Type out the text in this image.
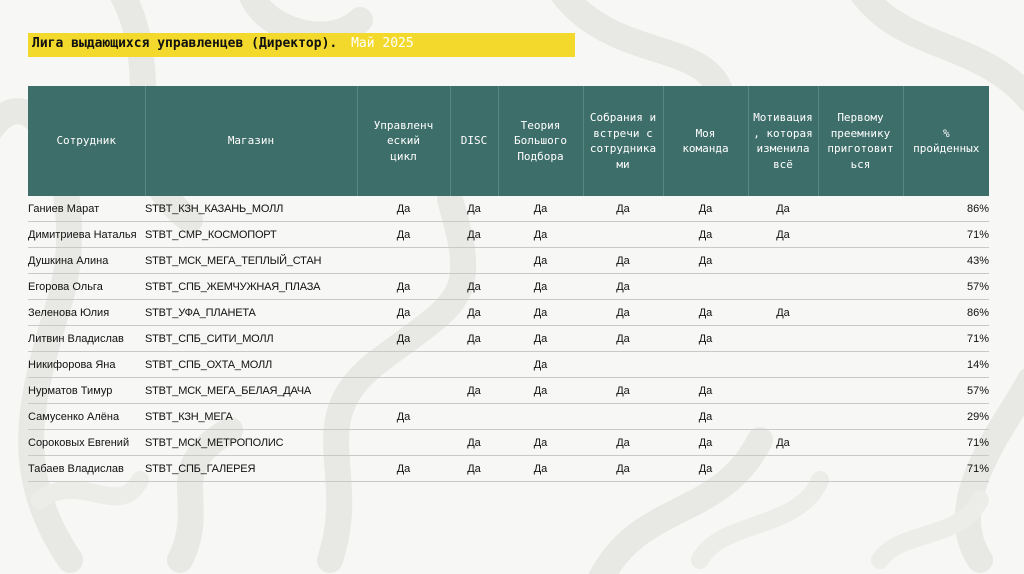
Лига выдающихся управленцев (Директор). Май 2025
Сотрудник	Магазин	Управленч
еский
цикл	DISC	Теория
Большого
Подбора	Собрания и
встречи с
сотрудника
ми	Моя
команда	Мотивация
, которая
изменила
всё	Первому
преемнику
приготовит
ься	%
пройденных
Ганиев Марат	STBT_КЗН_КАЗАНЬ_МОЛЛ	Да	Да	Да	Да	Да	Да		86%
Димитриева Наталья	STBT_СМР_КОСМОПОРТ	Да	Да	Да		Да	Да		71%
Душкина Алина	STBT_МСК_МЕГА_ТЕПЛЫЙ_СТАН			Да	Да	Да			43%
Егорова Ольга	STBT_СПБ_ЖЕМЧУЖНАЯ_ПЛАЗА	Да	Да	Да	Да				57%
Зеленова Юлия	STBT_УФА_ПЛАНЕТА	Да	Да	Да	Да	Да	Да		86%
Литвин Владислав	STBT_СПБ_СИТИ_МОЛЛ	Да	Да	Да	Да	Да			71%
Никифорова Яна	STBT_СПБ_ОХТА_МОЛЛ			Да					14%
Нурматов Тимур	STBT_МСК_МЕГА_БЕЛАЯ_ДАЧА		Да	Да	Да	Да			57%
Самусенко Алёна	STBT_КЗН_МЕГА	Да				Да			29%
Сороковых Евгений	STBT_МСК_МЕТРОПОЛИС		Да	Да	Да	Да	Да		71%
Табаев Владислав	STBT_СПБ_ГАЛЕРЕЯ	Да	Да	Да	Да	Да			71%
